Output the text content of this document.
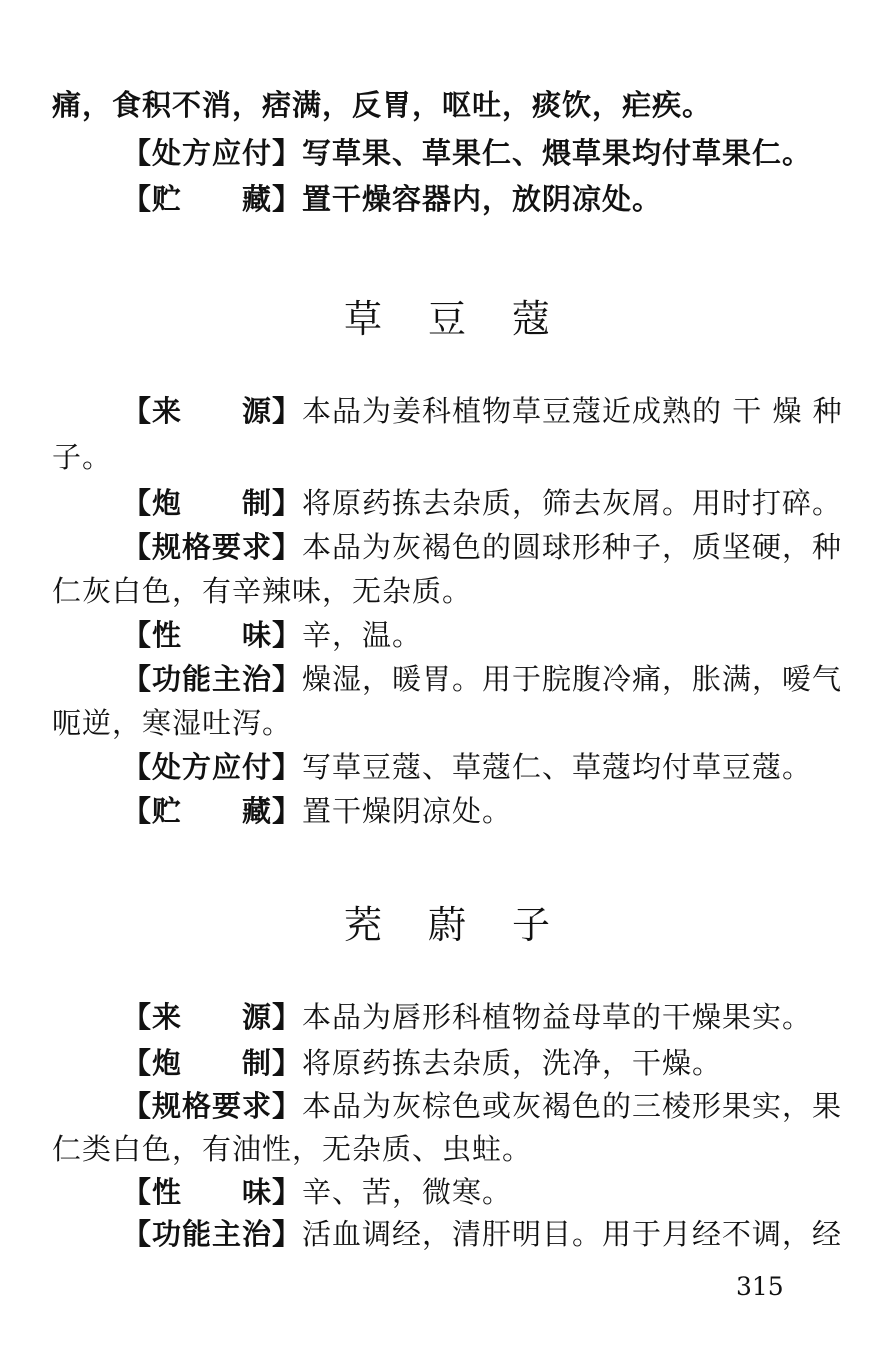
痛，食积不消，痞满，反胃，呕吐，痰饮，疟疾。
【处方应付】写草果、草果仁、煨草果均付草果仁。
【贮　　藏】置干燥容器内，放阴凉处。
草 豆 蔻
【来　　源】本品为姜科植物草豆蔻近成熟的 干 燥 种
子。
【炮　　制】将原药拣去杂质，筛去灰屑。用时打碎。
【规格要求】本品为灰褐色的圆球形种子，质坚硬，种
仁灰白色，有辛辣味，无杂质。
【性　　味】辛，温。
【功能主治】燥湿，暖胃。用于脘腹冷痛，胀满，嗳气
呃逆，寒湿吐泻。
【处方应付】写草豆蔻、草蔻仁、草蔻均付草豆蔻。
【贮　　藏】置干燥阴凉处。
茺 蔚 子
【来　　源】本品为唇形科植物益母草的干燥果实。
【炮　　制】将原药拣去杂质，洗净，干燥。
【规格要求】本品为灰棕色或灰褐色的三棱形果实，果
仁类白色，有油性，无杂质、虫蛀。
【性　　味】辛、苦，微寒。
【功能主治】活血调经，清肝明目。用于月经不调，经
315
